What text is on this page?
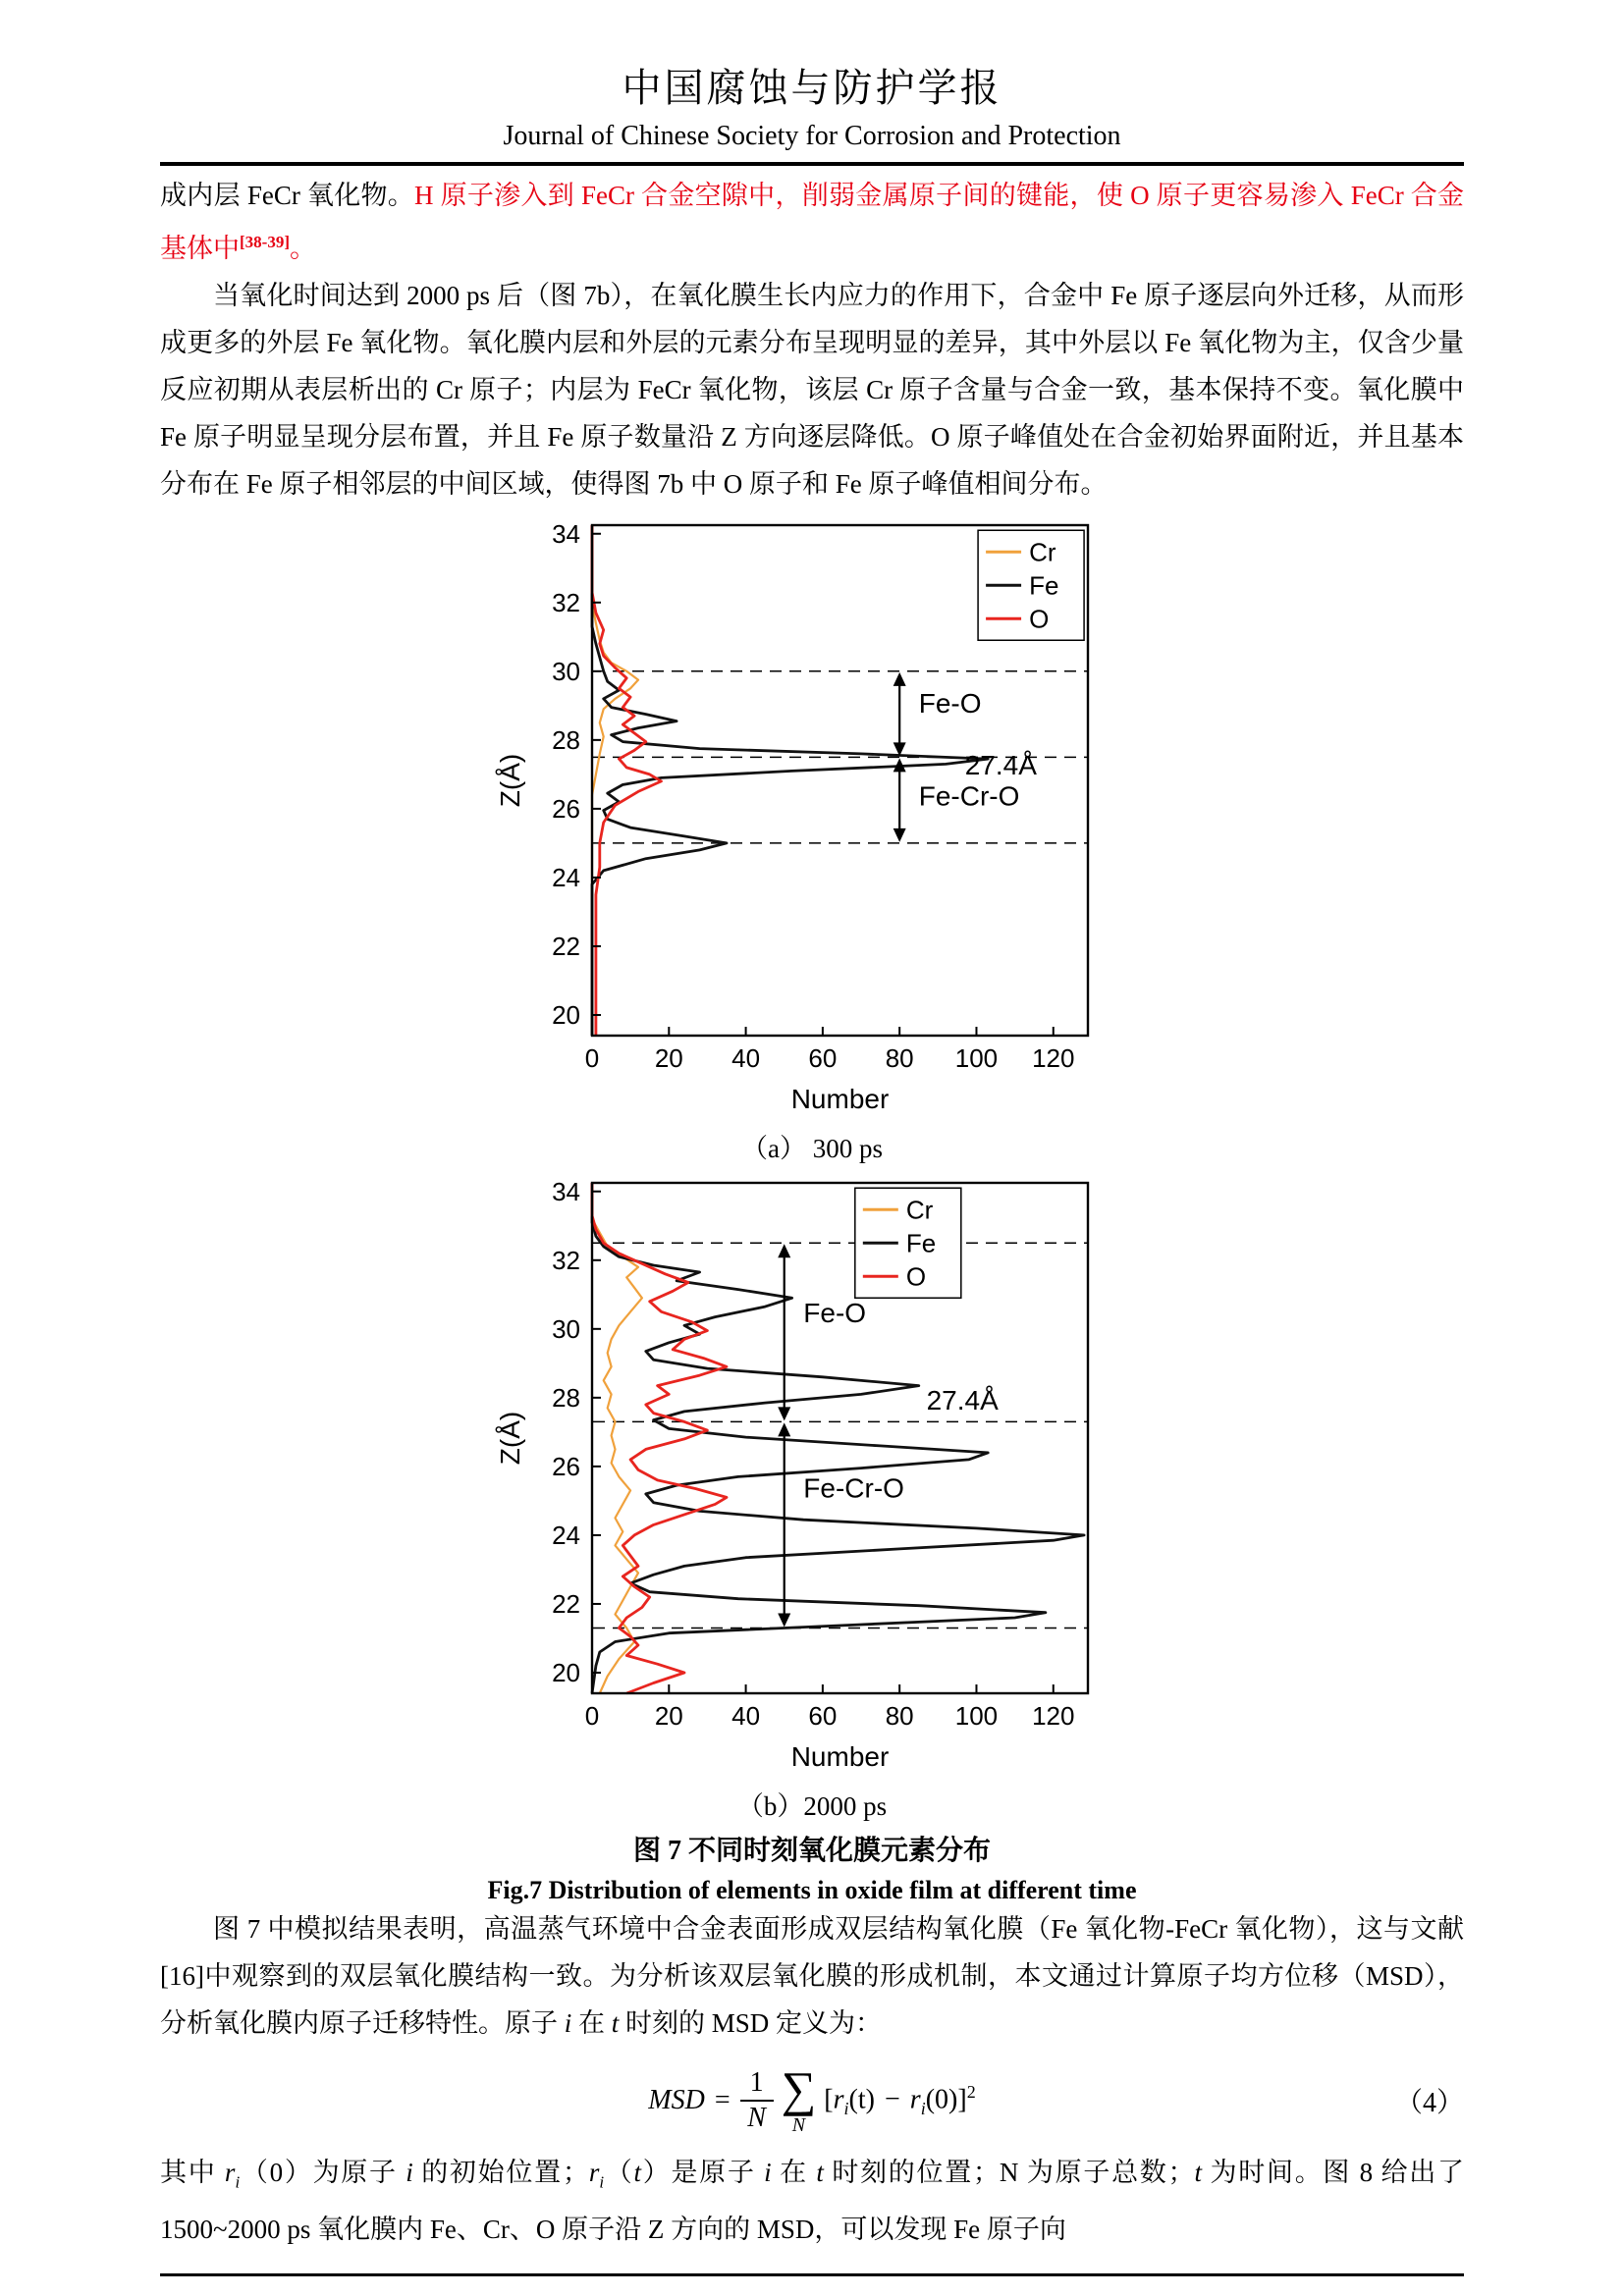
中国腐蚀与防护学报
Journal of Chinese Society for Corrosion and Protection

成内层 FeCr 氧化物。H 原子渗入到 FeCr 合金空隙中，削弱金属原子间的键能，使 O 原子更容易渗入 FeCr 合金基体中[38-39]。

当氧化时间达到 2000 ps 后（图 7b），在氧化膜生长内应力的作用下，合金中 Fe 原子逐层向外迁移，从而形成更多的外层 Fe 氧化物。氧化膜内层和外层的元素分布呈现明显的差异，其中外层以 Fe 氧化物为主，仅含少量反应初期从表层析出的 Cr 原子；内层为 FeCr 氧化物，该层 Cr 原子含量与合金一致，基本保持不变。氧化膜中 Fe 原子明显呈现分层布置，并且 Fe 原子数量沿 Z 方向逐层降低。O 原子峰值处在合金初始界面附近，并且基本分布在 Fe 原子相邻层的中间区域，使得图 7b 中 O 原子和 Fe 原子峰值相间分布。

0 20 40 60 80 100 120
20
22
24
26
28
30
32
34
Number
Z(Å)
Fe-O
27.4Å
Fe-Cr-O
Cr
Fe
O
（a） 300 ps
0 20 40 60 80 100 120
20
22
24
26
28
30
32
34
Number
Z(Å)
Fe-O
27.4Å
Fe-Cr-O
Cr
Fe
O
（b）2000 ps
图 7 不同时刻氧化膜元素分布
Fig.7 Distribution of elements in oxide film at different time

图 7 中模拟结果表明，高温蒸气环境中合金表面形成双层结构氧化膜（Fe 氧化物-FeCr 氧化物），这与文献[16]中观察到的双层氧化膜结构一致。为分析该双层氧化膜的形成机制，本文通过计算原子均方位移（MSD），分析氧化膜内原子迁移特性。原子 i 在 t 时刻的 MSD 定义为：

MSD = $\frac{1}{N}$ ∑
N
$[r_i(t) - r_i(0)]^2$	（4）

其中 $r_i(0)$为原子 i 的初始位置；$r_i(t)$是原子 i 在 t 时刻的位置；N 为原子总数；t 为时间。图 8 给出了 1500~2000 ps 氧化膜内 Fe、Cr、O 原子沿 Z 方向的 MSD，可以发现 Fe 原子向
